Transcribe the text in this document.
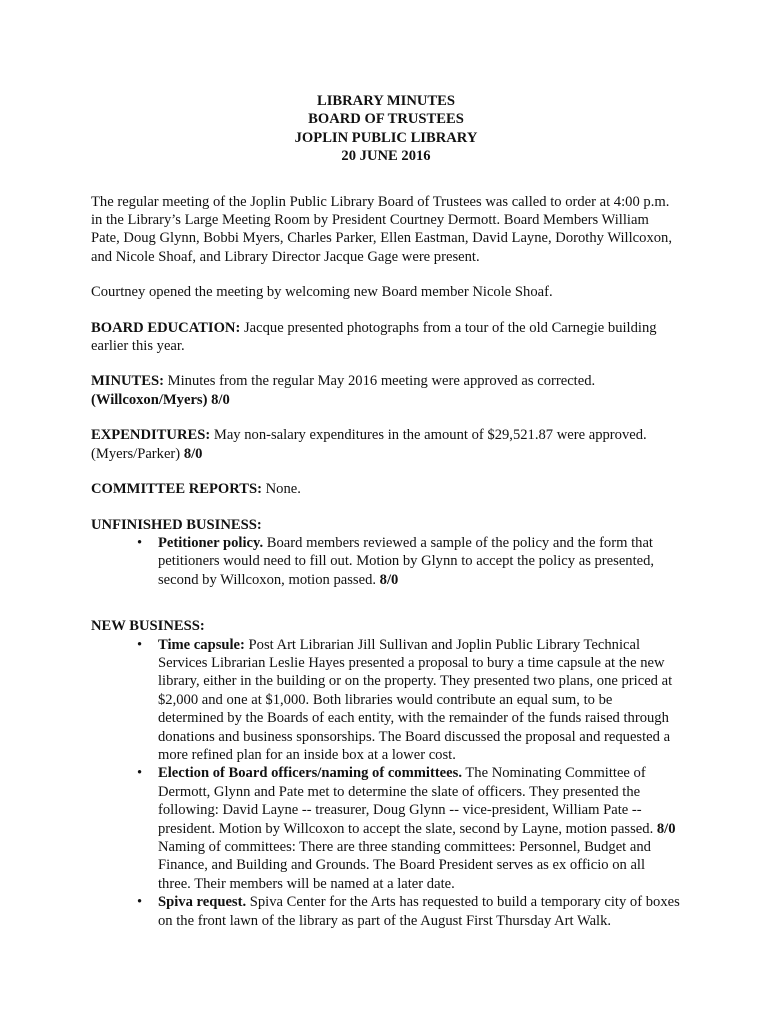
LIBRARY MINUTES
BOARD OF TRUSTEES
JOPLIN PUBLIC LIBRARY
20 JUNE 2016

The regular meeting of the Joplin Public Library Board of Trustees was called to order at 4:00 p.m. in the Library’s Large Meeting Room by President Courtney Dermott. Board Members William Pate, Doug Glynn, Bobbi Myers, Charles Parker, Ellen Eastman, David Layne, Dorothy Willcoxon, and Nicole Shoaf, and Library Director Jacque Gage were present.

Courtney opened the meeting by welcoming new Board member Nicole Shoaf.

BOARD EDUCATION: Jacque presented photographs from a tour of the old Carnegie building earlier this year.

MINUTES: Minutes from the regular May 2016 meeting were approved as corrected.
(Willcoxon/Myers) 8/0

EXPENDITURES: May non-salary expenditures in the amount of $29,521.87 were approved. (Myers/Parker) 8/0

COMMITTEE REPORTS: None.

UNFINISHED BUSINESS:
• Petitioner policy. Board members reviewed a sample of the policy and the form that petitioners would need to fill out. Motion by Glynn to accept the policy as presented, second by Willcoxon, motion passed. 8/0
NEW BUSINESS:
• Time capsule: Post Art Librarian Jill Sullivan and Joplin Public Library Technical Services Librarian Leslie Hayes presented a proposal to bury a time capsule at the new library, either in the building or on the property. They presented two plans, one priced at $2,000 and one at $1,000. Both libraries would contribute an equal sum, to be determined by the Boards of each entity, with the remainder of the funds raised through donations and business sponsorships. The Board discussed the proposal and requested a more refined plan for an inside box at a lower cost.
• Election of Board officers/naming of committees. The Nominating Committee of Dermott, Glynn and Pate met to determine the slate of officers. They presented the following: David Layne -- treasurer, Doug Glynn -- vice-president, William Pate -- president. Motion by Willcoxon to accept the slate, second by Layne, motion passed. 8/0 Naming of committees: There are three standing committees: Personnel, Budget and Finance, and Building and Grounds. The Board President serves as ex officio on all three. Their members will be named at a later date.
• Spiva request. Spiva Center for the Arts has requested to build a temporary city of boxes on the front lawn of the library as part of the August First Thursday Art Walk.
